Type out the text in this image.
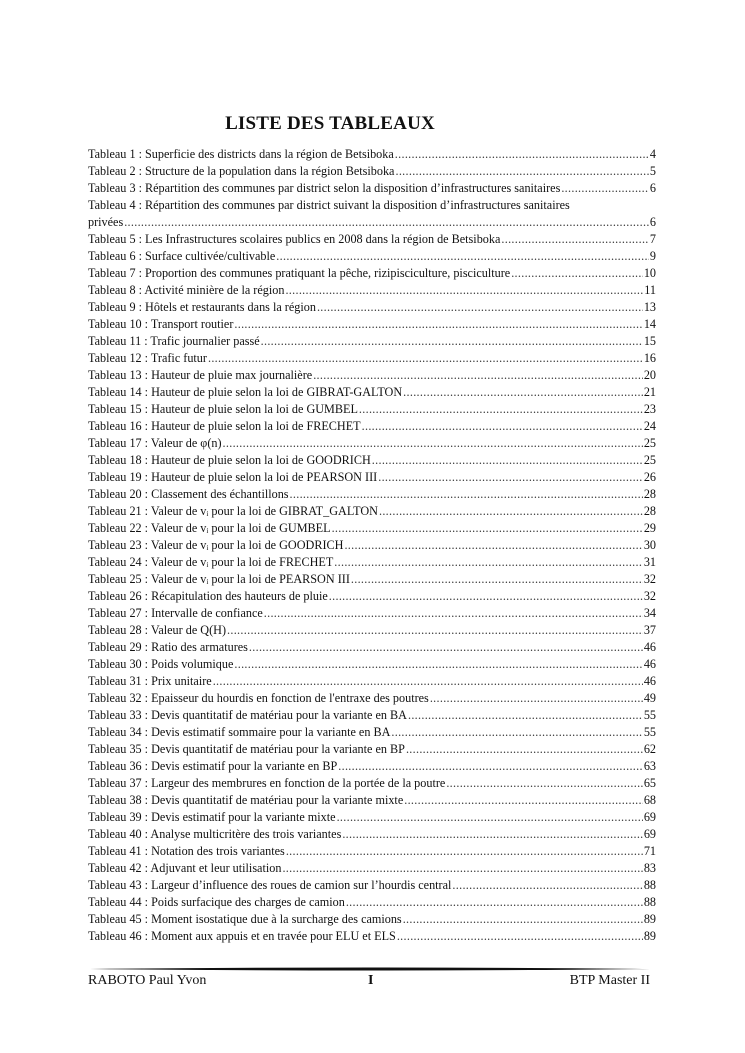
LISTE DES TABLEAUX
Tableau 1 : Superficie des districts dans la région de Betsiboka .....	4
Tableau 2 : Structure de la population dans la région Betsiboka .....	5
Tableau 3 : Répartition des communes par district selon la disposition d’infrastructures sanitaires .....	6
Tableau 4 : Répartition des communes par district suivant la disposition d’infrastructures sanitaires
privées .....	6
Tableau 5 : Les Infrastructures scolaires publics en 2008 dans la région de Betsiboka .....	7
Tableau 6 : Surface cultivée/cultivable .....	9
Tableau 7 : Proportion des communes pratiquant la pêche, rizipisciculture, pisciculture .....	10
Tableau 8 : Activité minière de la région .....	11
Tableau 9 : Hôtels et restaurants dans la région .....	13
Tableau 10 : Transport routier .....	14
Tableau 11 : Trafic journalier passé .....	15
Tableau 12 : Trafic futur .....	16
Tableau 13 : Hauteur de pluie max journalière .....	20
Tableau 14 : Hauteur de pluie selon la loi de GIBRAT-GALTON .....	21
Tableau 15 : Hauteur de pluie selon la loi de GUMBEL .....	23
Tableau 16 : Hauteur de pluie selon la loi de FRECHET .....	24
Tableau 17 : Valeur de φ(n) .....	25
Tableau 18 : Hauteur de pluie selon la loi de GOODRICH .....	25
Tableau 19 : Hauteur de pluie selon la loi de PEARSON III .....	26
Tableau 20 : Classement des échantillons .....	28
Tableau 21 : Valeur de vᵢ pour la loi de GIBRAT_GALTON .....	28
Tableau 22 : Valeur de vᵢ pour la loi de GUMBEL .....	29
Tableau 23 : Valeur de vᵢ pour la loi de GOODRICH .....	30
Tableau 24 : Valeur de vᵢ pour la loi de FRECHET .....	31
Tableau 25 : Valeur de vᵢ pour la loi de PEARSON III .....	32
Tableau 26 : Récapitulation des hauteurs de pluie .....	32
Tableau 27 : Intervalle de confiance .....	34
Tableau 28 : Valeur de Q(H) .....	37
Tableau 29 : Ratio des armatures .....	46
Tableau 30 : Poids volumique .....	46
Tableau 31 : Prix unitaire .....	46
Tableau 32 : Epaisseur du hourdis en fonction de l'entraxe des poutres .....	49
Tableau 33 : Devis quantitatif de matériau pour la variante en BA .....	55
Tableau 34 : Devis estimatif sommaire pour la variante en BA .....	55
Tableau 35 : Devis quantitatif de matériau pour la variante en BP .....	62
Tableau 36 : Devis estimatif pour la variante en BP .....	63
Tableau 37 : Largeur des membrures en fonction de la portée de la poutre .....	65
Tableau 38 : Devis quantitatif de matériau pour la variante mixte .....	68
Tableau 39 : Devis estimatif pour la variante mixte .....	69
Tableau 40 : Analyse multicritère des trois variantes .....	69
Tableau 41 : Notation des trois variantes .....	71
Tableau 42 : Adjuvant et leur utilisation .....	83
Tableau 43 : Largeur d’influence des roues de camion sur l’hourdis central .....	88
Tableau 44 : Poids surfacique des charges de camion .....	88
Tableau 45 : Moment isostatique due à la surcharge des camions .....	89
Tableau 46 : Moment aux appuis et en travée pour ELU et ELS .....	89
RABOTO Paul Yvon	I	BTP Master II
